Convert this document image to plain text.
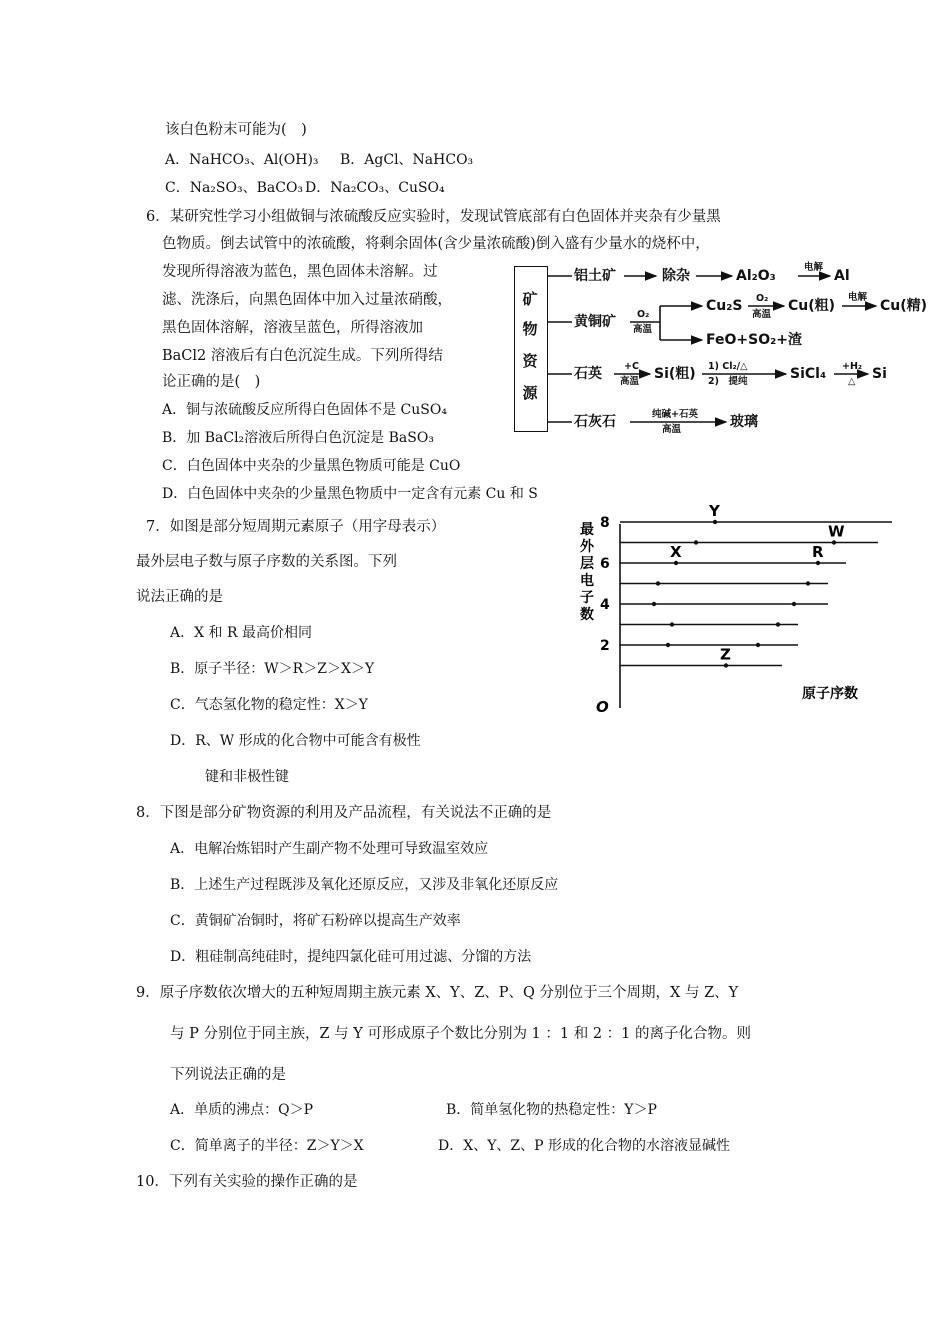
该白色粉末可能为(　)
A．NaHCO₃、Al(OH)₃ B．AgCl、NaHCO₃
C．Na₂SO₃、BaCO₃ D．Na₂CO₃、CuSO₄
6．某研究性学习小组做铜与浓硫酸反应实验时，发现试管底部有白色固体并夹杂有少量黑
色物质。倒去试管中的浓硫酸，将剩余固体(含少量浓硫酸)倒入盛有少量水的烧杯中，
发现所得溶液为蓝色，黑色固体未溶解。过
滤、洗涤后，向黑色固体中加入过量浓硝酸，
黑色固体溶解，溶液呈蓝色，所得溶液加
BaCl2 溶液后有白色沉淀生成。下列所得结
论正确的是(　)
A．铜与浓硫酸反应所得白色固体不是 CuSO₄
B．加 BaCl₂溶液后所得白色沉淀是 BaSO₃
C．白色固体中夹杂的少量黑色物质可能是 CuO
D．白色固体中夹杂的少量黑色物质中一定含有元素 Cu 和 S
矿
物
资
源
铝土矿	除杂	Al₂O₃
电解
Al
黄铜矿 O₂
高温
Cu₂S O₂
高温
Cu(粗)
电解
Cu(精)
FeO+SO₂+渣
石英 +C
高温 Si(粗) 1) Cl₂/△
2)　提纯	SiCl₄ +H₂
△ Si
石灰石	纯碱+石英
高温	玻璃
7．如图是部分短周期元素原子（用字母表示）
最外层电子数与原子序数的关系图。下列
说法正确的是
A．X 和 R 最高价相同
B．原子半径：W＞R＞Z＞X＞Y
C．气态氢化物的稳定性：X＞Y
D．R、W 形成的化合物中可能含有极性
键和非极性键
最
外
层
电
子
数
2
4
6
8
Z
X
Y
R
W
O
原子序数
8．下图是部分矿物资源的利用及产品流程，有关说法不正确的是
A．电解冶炼铝时产生副产物不处理可导致温室效应
B．上述生产过程既涉及氧化还原反应，又涉及非氧化还原反应
C．黄铜矿冶铜时，将矿石粉碎以提高生产效率
D．粗硅制高纯硅时，提纯四氯化硅可用过滤、分馏的方法
9．原子序数依次增大的五种短周期主族元素 X、Y、Z、P、Q 分别位于三个周期，X 与 Z、Y
与 P 分别位于同主族，Z 与 Y 可形成原子个数比分别为 1 ：1 和 2 ：1 的离子化合物。则
下列说法正确的是
A．单质的沸点：Q＞P	B．简单氢化物的热稳定性：Y＞P
C．简单离子的半径：Z＞Y＞X	D．X、Y、Z、P 形成的化合物的水溶液显碱性
10．下列有关实验的操作正确的是
